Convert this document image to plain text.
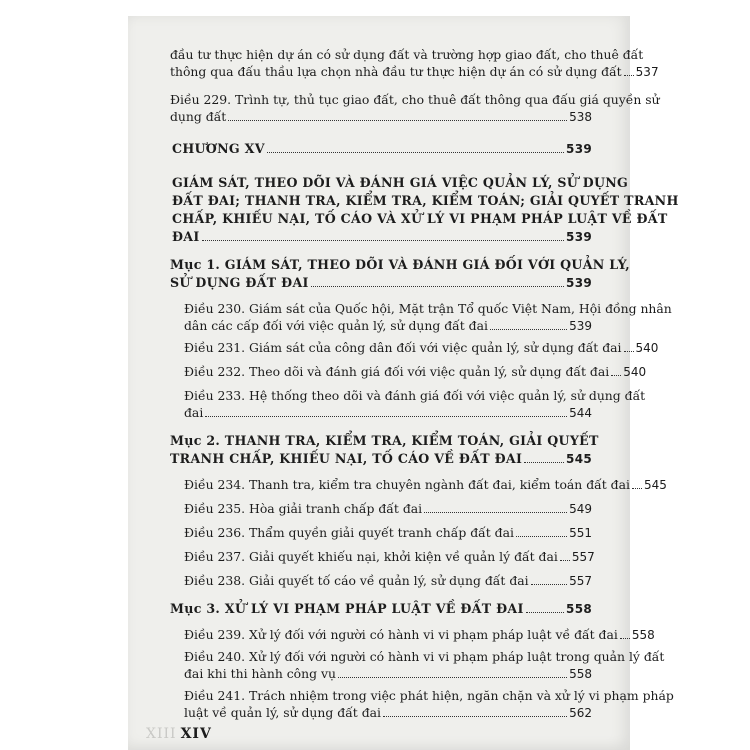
đầu tư thực hiện dự án có sử dụng đất và trường hợp giao đất, cho thuê đất
thông qua đấu thầu lựa chọn nhà đầu tư thực hiện dự án có sử dụng đất 537
Điều 229. Trình tự, thủ tục giao đất, cho thuê đất thông qua đấu giá quyền sử
dụng đất	538
CHƯƠNG XV	539
GIÁM SÁT, THEO DÕI VÀ ĐÁNH GIÁ VIỆC QUẢN LÝ, SỬ DỤNG
ĐẤT ĐAI; THANH TRA, KIỂM TRA, KIỂM TOÁN; GIẢI QUYẾT TRANH
CHẤP, KHIẾU NẠI, TỐ CÁO VÀ XỬ LÝ VI PHẠM PHÁP LUẬT VỀ ĐẤT
ĐAI	539
Mục 1. GIÁM SÁT, THEO DÕI VÀ ĐÁNH GIÁ ĐỐI VỚI QUẢN LÝ,
SỬ DỤNG ĐẤT ĐAI	539
Điều 230. Giám sát của Quốc hội, Mặt trận Tổ quốc Việt Nam, Hội đồng nhân
dân các cấp đối với việc quản lý, sử dụng đất đai	539
Điều 231. Giám sát của công dân đối với việc quản lý, sử dụng đất đai 540
Điều 232. Theo dõi và đánh giá đối với việc quản lý, sử dụng đất đai 540
Điều 233. Hệ thống theo dõi và đánh giá đối với việc quản lý, sử dụng đất
đai	544
Mục 2. THANH TRA, KIỂM TRA, KIỂM TOÁN, GIẢI QUYẾT
TRANH CHẤP, KHIẾU NẠI, TỐ CÁO VỀ ĐẤT ĐAI	545
Điều 234. Thanh tra, kiểm tra chuyên ngành đất đai, kiểm toán đất đai 545
Điều 235. Hòa giải tranh chấp đất đai	549
Điều 236. Thẩm quyền giải quyết tranh chấp đất đai	551
Điều 237. Giải quyết khiếu nại, khởi kiện về quản lý đất đai 557
Điều 238. Giải quyết tố cáo về quản lý, sử dụng đất đai	557
Mục 3. XỬ LÝ VI PHẠM PHÁP LUẬT VỀ ĐẤT ĐAI	558
Điều 239. Xử lý đối với người có hành vi vi phạm pháp luật về đất đai 558
Điều 240. Xử lý đối với người có hành vi vi phạm pháp luật trong quản lý đất
đai khi thi hành công vụ	558
Điều 241. Trách nhiệm trong việc phát hiện, ngăn chặn và xử lý vi phạm pháp
luật về quản lý, sử dụng đất đai	562
XIII XIV
